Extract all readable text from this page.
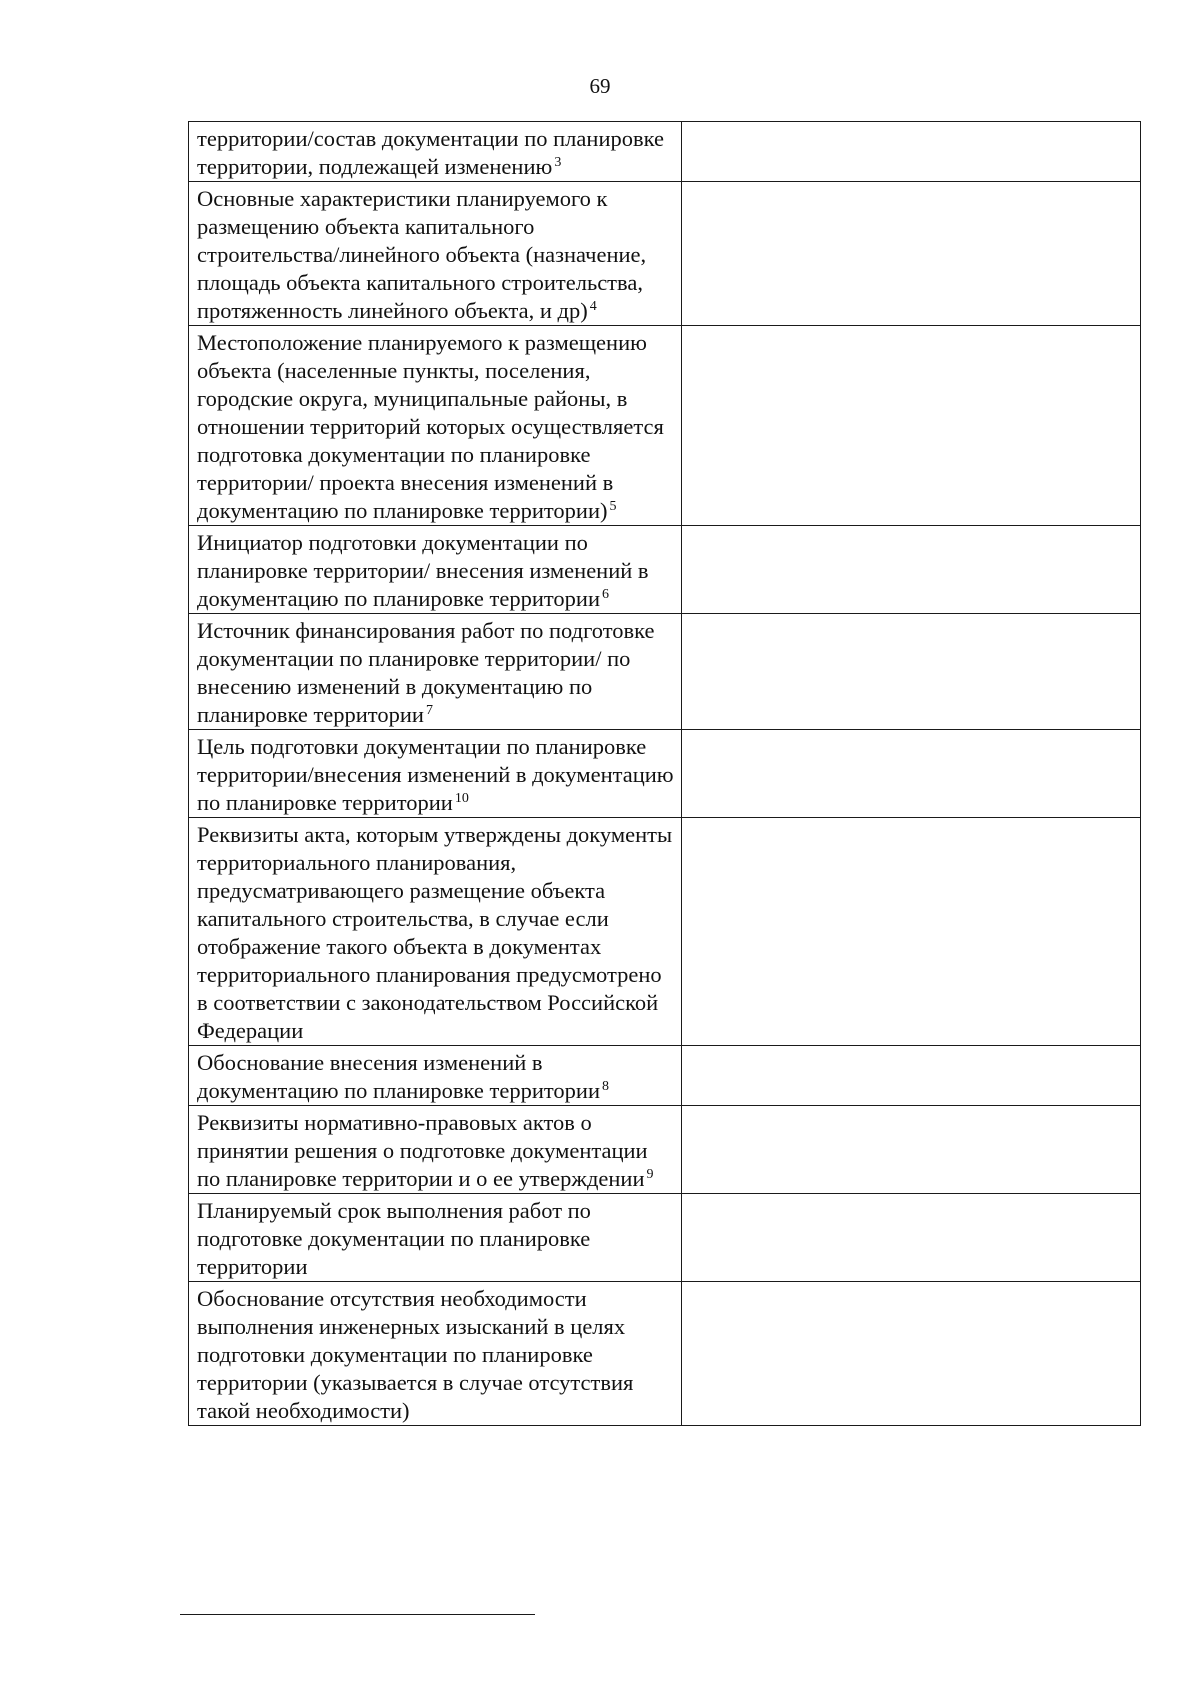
69
территории/состав документации по планировке территории, подлежащей изменению $^3$	
Основные характеристики планируемого к размещению объекта капитального строительства/линейного объекта (назначение, площадь объекта капитального строительства, протяженность линейного объекта, и др) $^4$	
Местоположение планируемого к размещению объекта (населенные пункты, поселения, городские округа, муниципальные районы, в отношении территорий которых осуществляется подготовка документации по планировке территории/ проекта внесения изменений в документацию по планировке территории) $^5$	
Инициатор подготовки документации по планировке территории/ внесения изменений в документацию по планировке территории $^6$	
Источник финансирования работ по подготовке документации по планировке территории/ по внесению изменений в документацию по планировке территории $^7$	
Цель подготовки документации по планировке территории/внесения изменений в документацию по планировке территории $^{10}$	
Реквизиты акта, которым утверждены документы территориального планирования, предусматривающего размещение объекта капитального строительства, в случае если отображение такого объекта в документах территориального планирования предусмотрено в соответствии с законодательством Российской Федерации	
Обоснование внесения изменений в документацию по планировке территории $^8$	
Реквизиты нормативно-правовых актов о принятии решения о подготовке документации по планировке территории и о ее утверждении $^9$	
Планируемый срок выполнения работ по подготовке документации по планировке территории	
Обоснование отсутствия необходимости выполнения инженерных изысканий в целях подготовки документации по планировке территории (указывается в случае отсутствия такой необходимости)	
